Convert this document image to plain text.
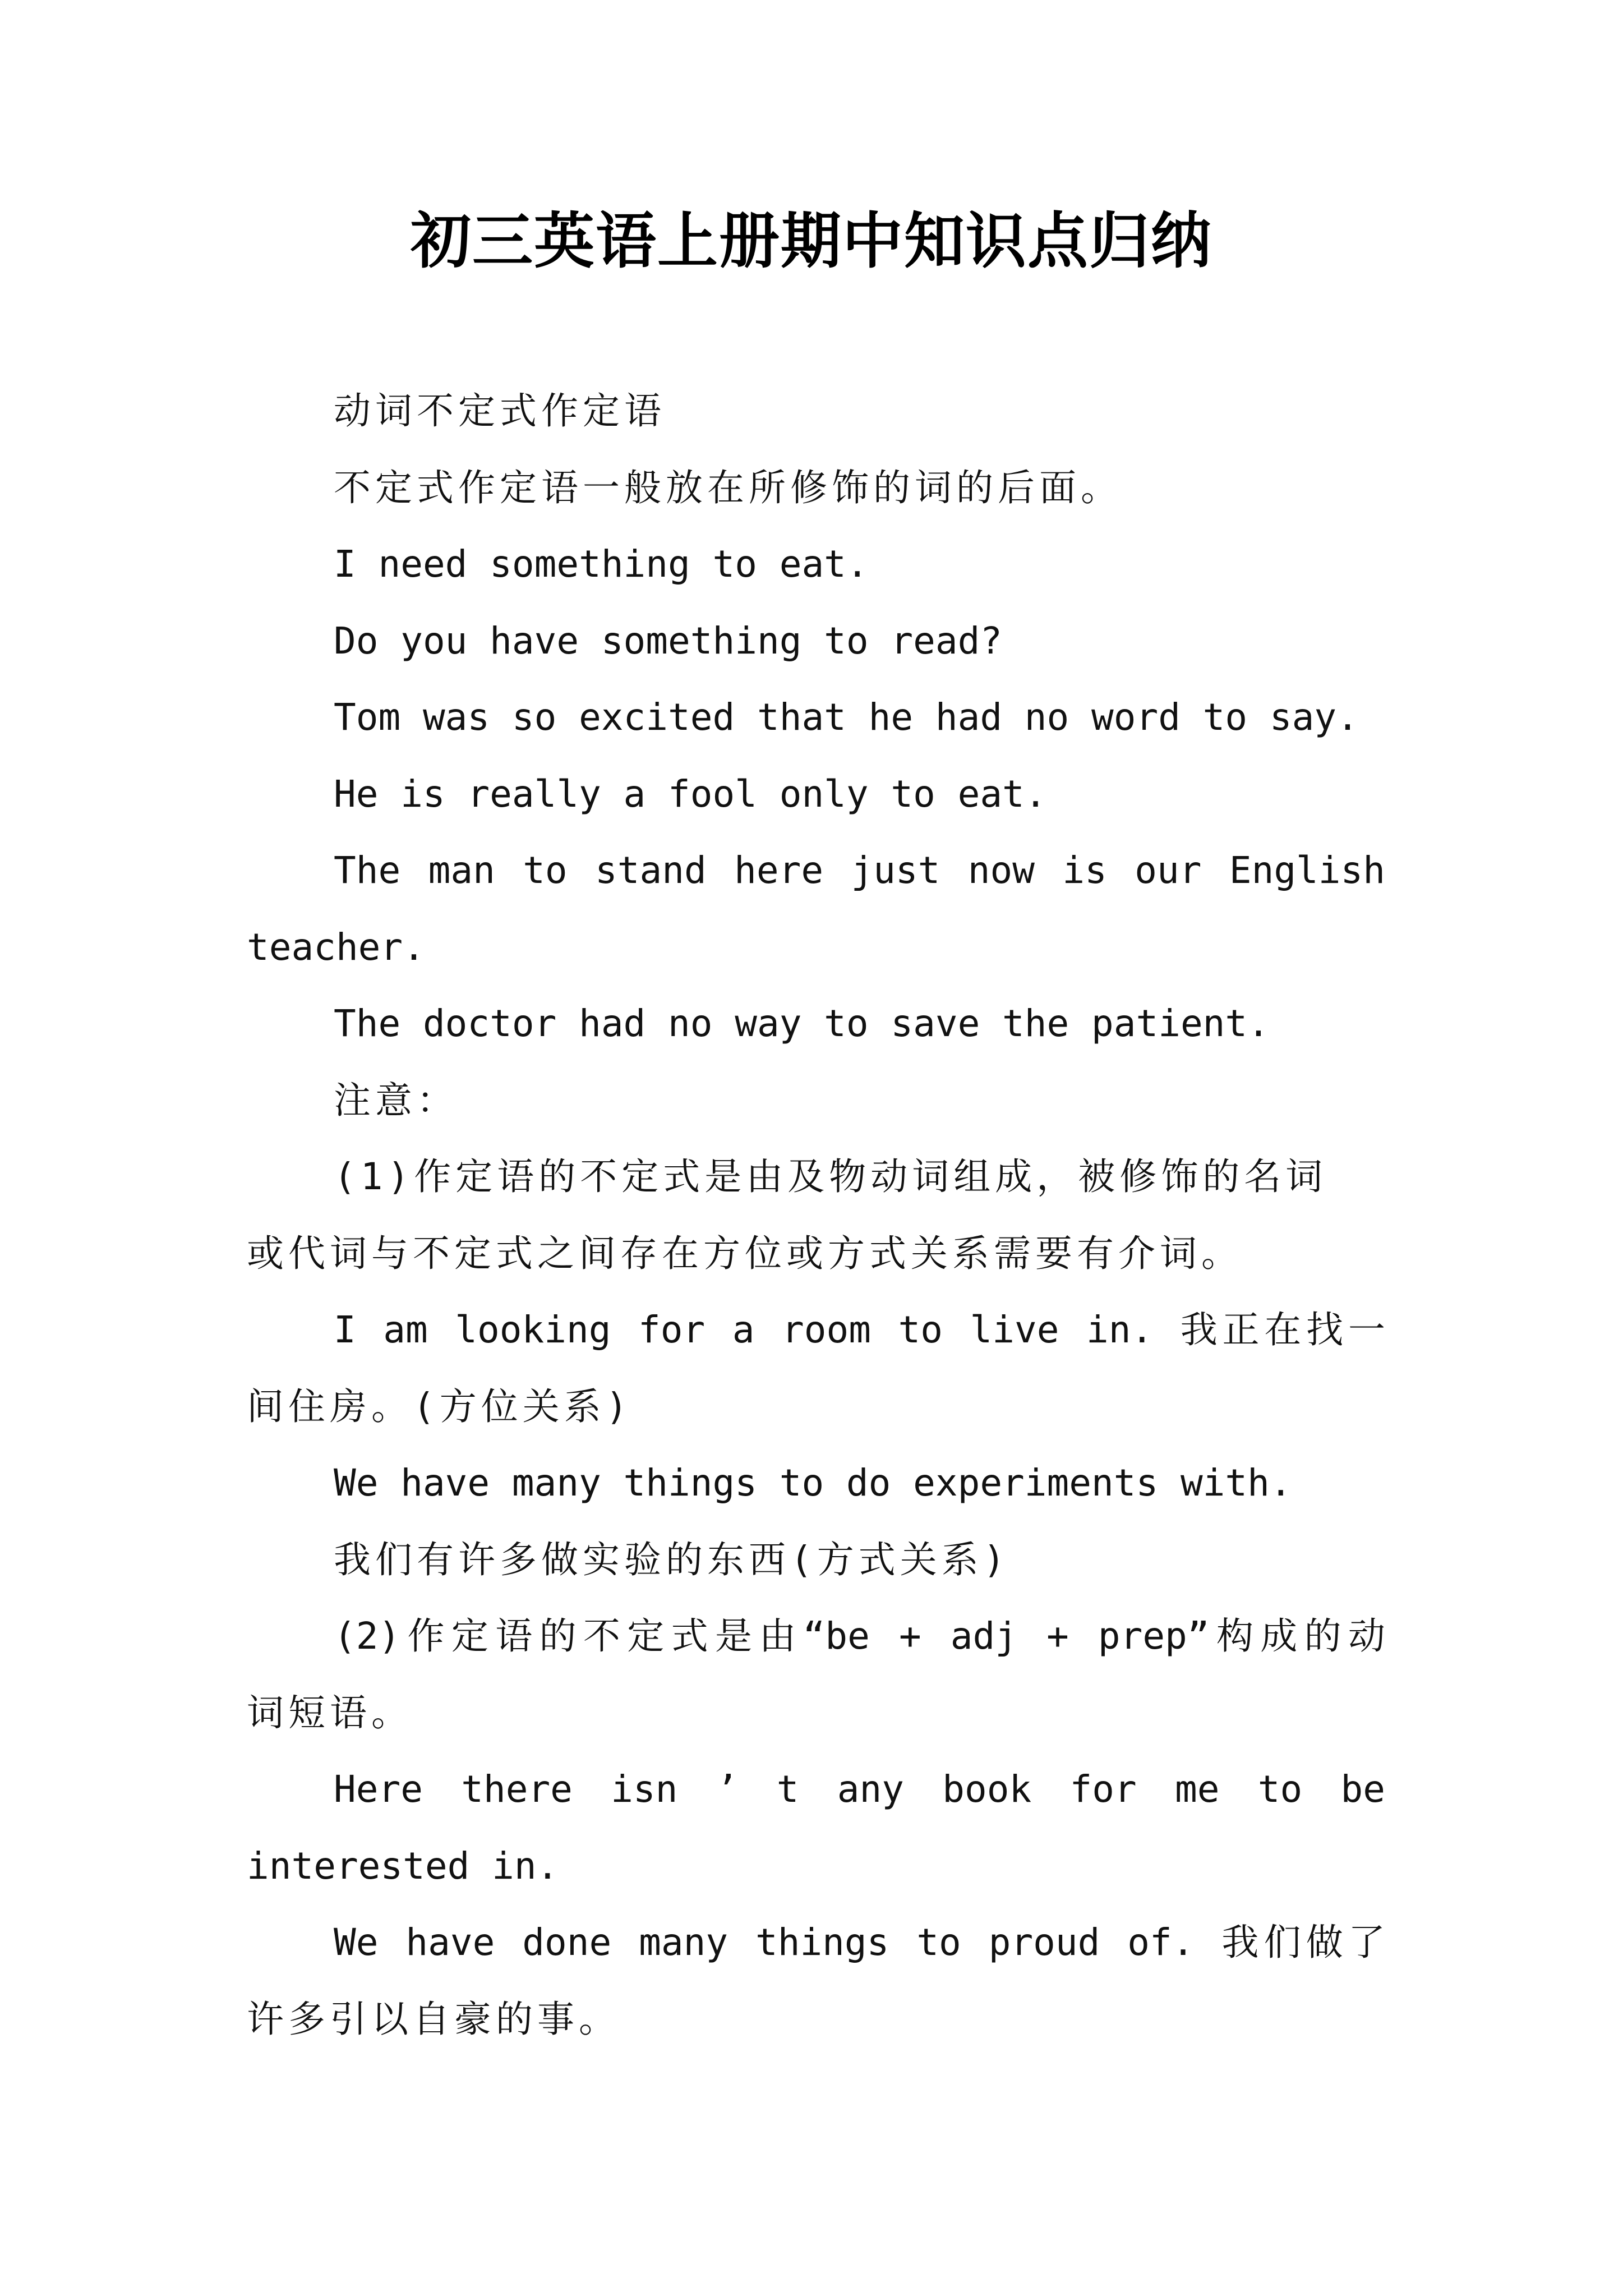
初三英语上册期中知识点归纳
动词不定式作定语
不定式作定语一般放在所修饰的词的后面。
I need something to eat.
Do you have something to read?
Tom was so excited that he had no word to say.
He is really a fool only to eat.
The man to stand here just now is our English
teacher.
The doctor had no way to save the patient.
注意：
(1)作定语的不定式是由及物动词组成，被修饰的名词
或代词与不定式之间存在方位或方式关系需要有介词。
I am looking for a room to live in. 我正在找一
间住房。(方位关系)
We have many things to do experiments with.
我们有许多做实验的东西(方式关系)
(2)作定语的不定式是由“be + adj + prep”构成的动
词短语。
Here there isn ’ t any book for me to be
interested in.
We have done many things to proud of. 我们做了
许多引以自豪的事。
